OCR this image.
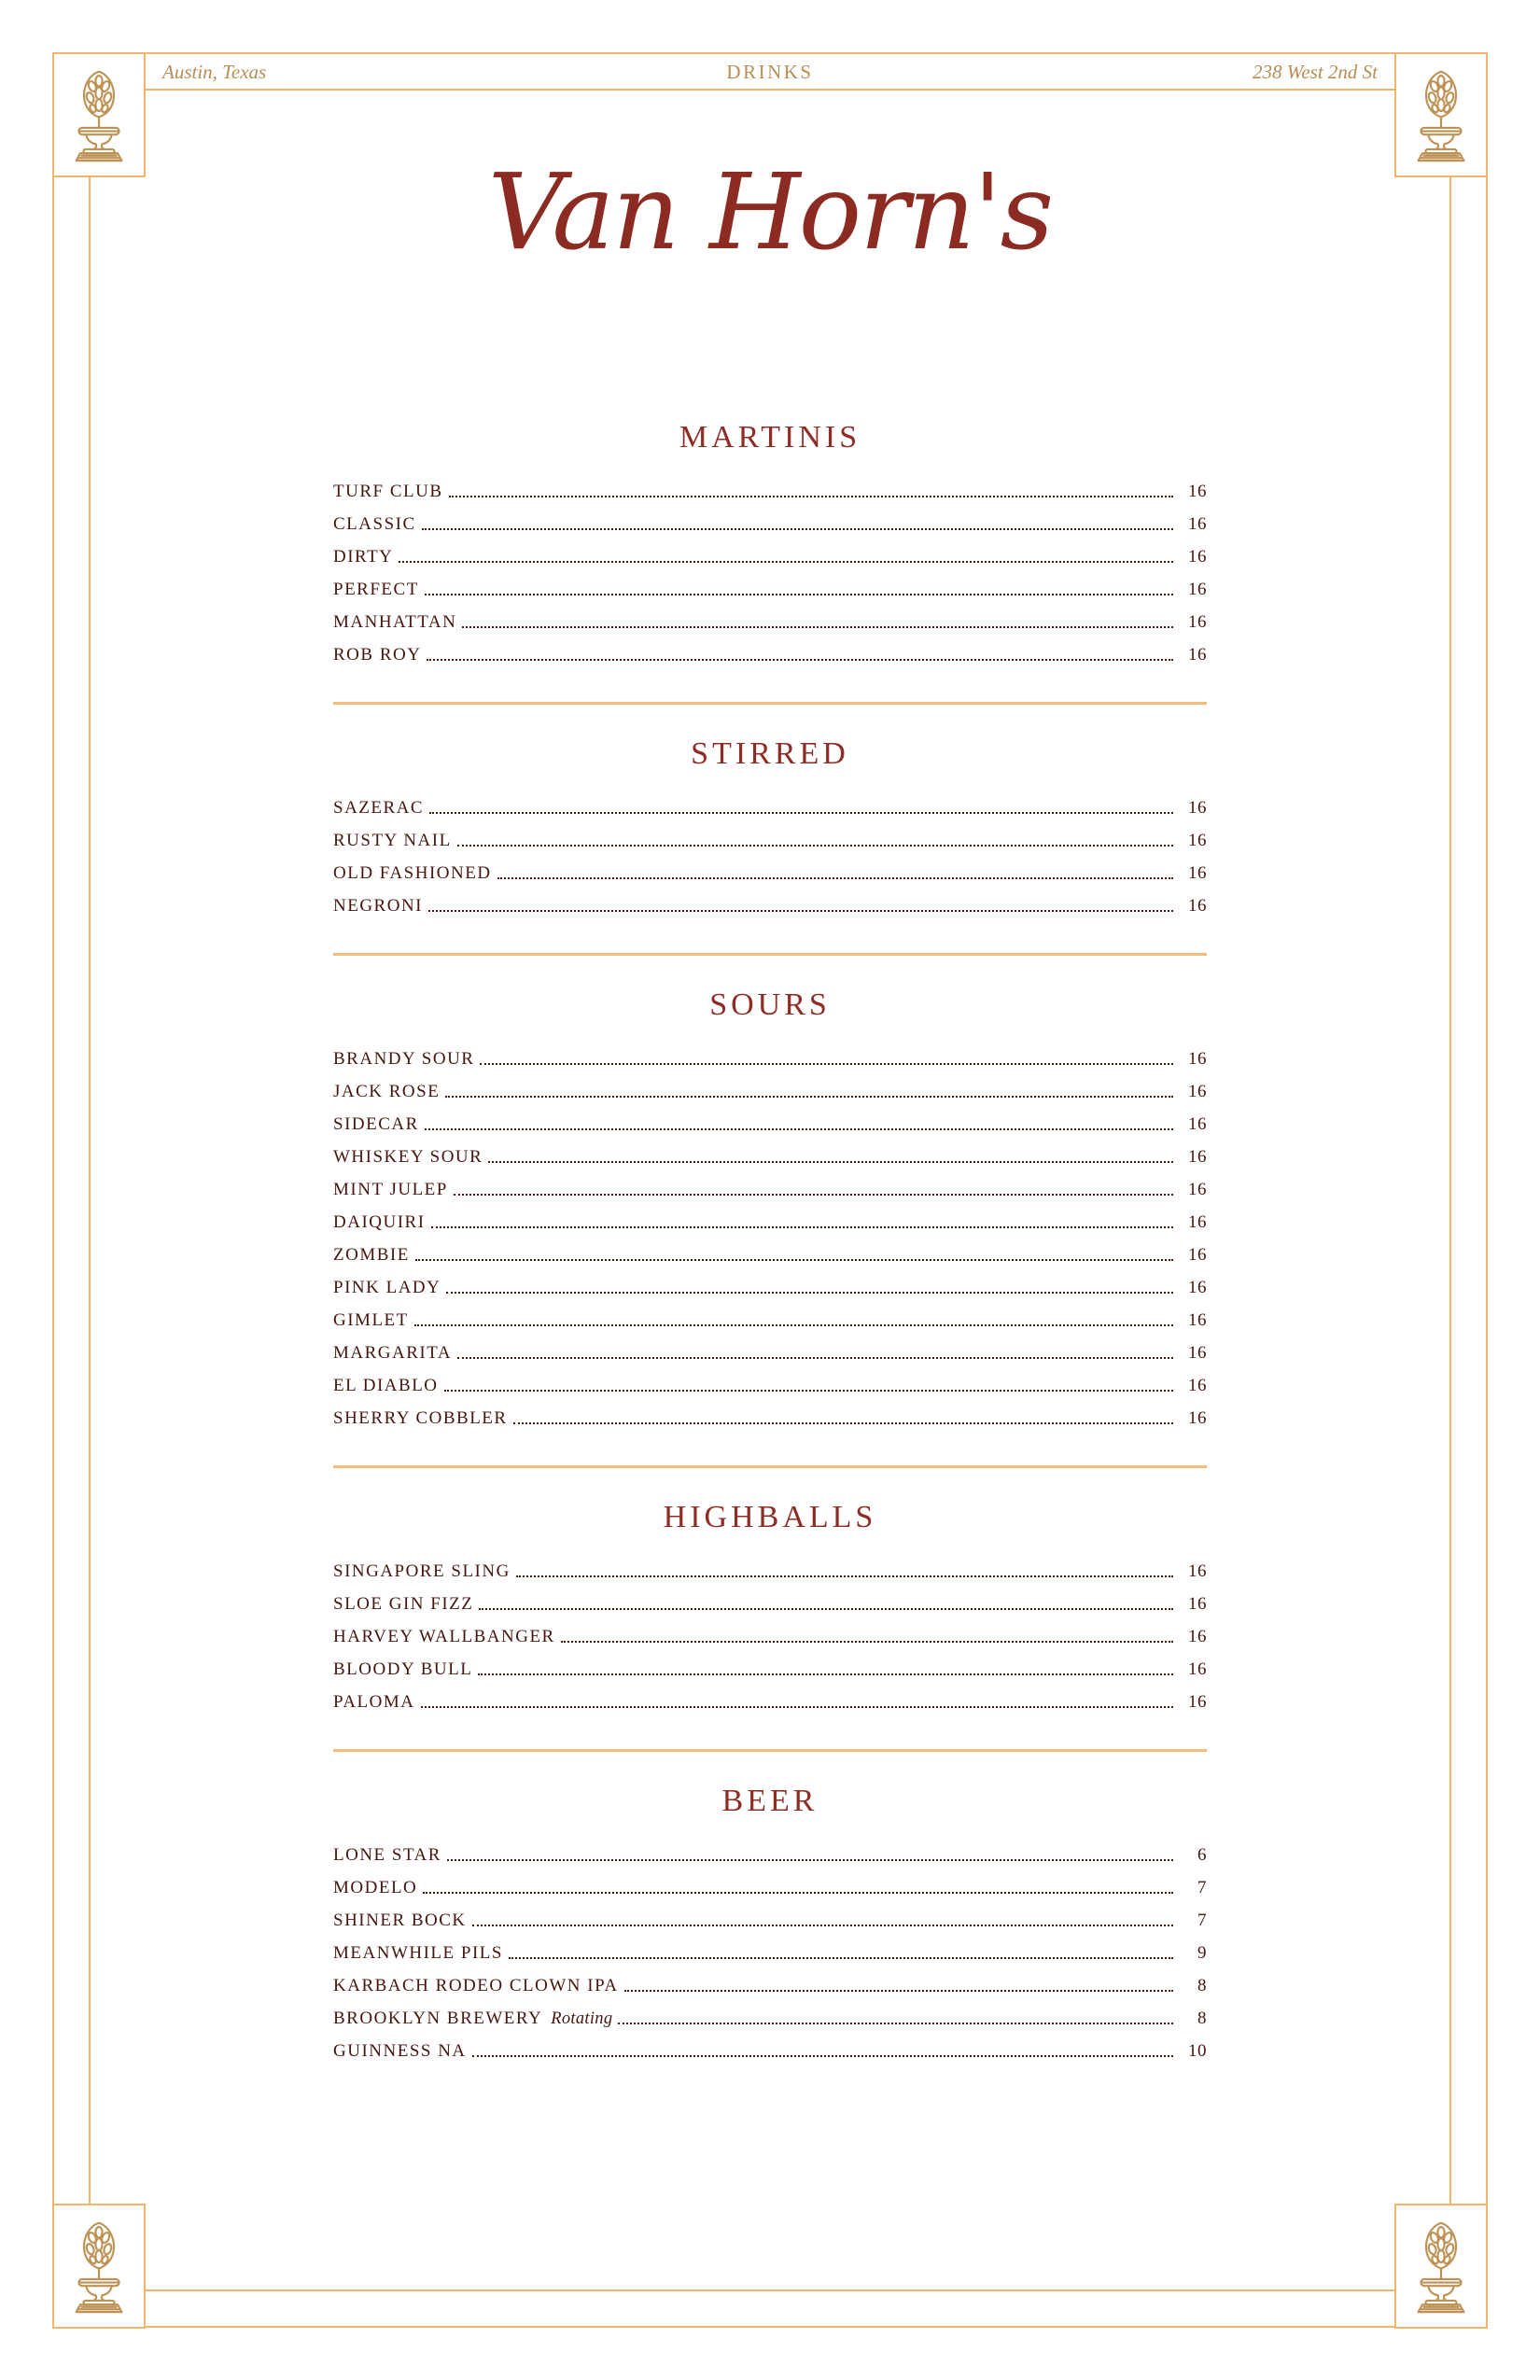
Austin, Texas	DRINKS	238 West 2nd St
Van Horn's
MARTINIS
TURF CLUB	16
CLASSIC	16
DIRTY	16
PERFECT	16
MANHATTAN	16
ROB ROY	16
STIRRED
SAZERAC	16
RUSTY NAIL	16
OLD FASHIONED	16
NEGRONI	16
SOURS
BRANDY SOUR	16
JACK ROSE	16
SIDECAR	16
WHISKEY SOUR	16
MINT JULEP	16
DAIQUIRI	16
ZOMBIE	16
PINK LADY	16
GIMLET	16
MARGARITA	16
EL DIABLO	16
SHERRY COBBLER	16
HIGHBALLS
SINGAPORE SLING	16
SLOE GIN FIZZ	16
HARVEY WALLBANGER	16
BLOODY BULL	16
PALOMA	16
BEER
LONE STAR	6
MODELO	7
SHINER BOCK	7
MEANWHILE PILS	9
KARBACH RODEO CLOWN IPA	8
BROOKLYN BREWERY Rotating	8
GUINNESS NA	10
